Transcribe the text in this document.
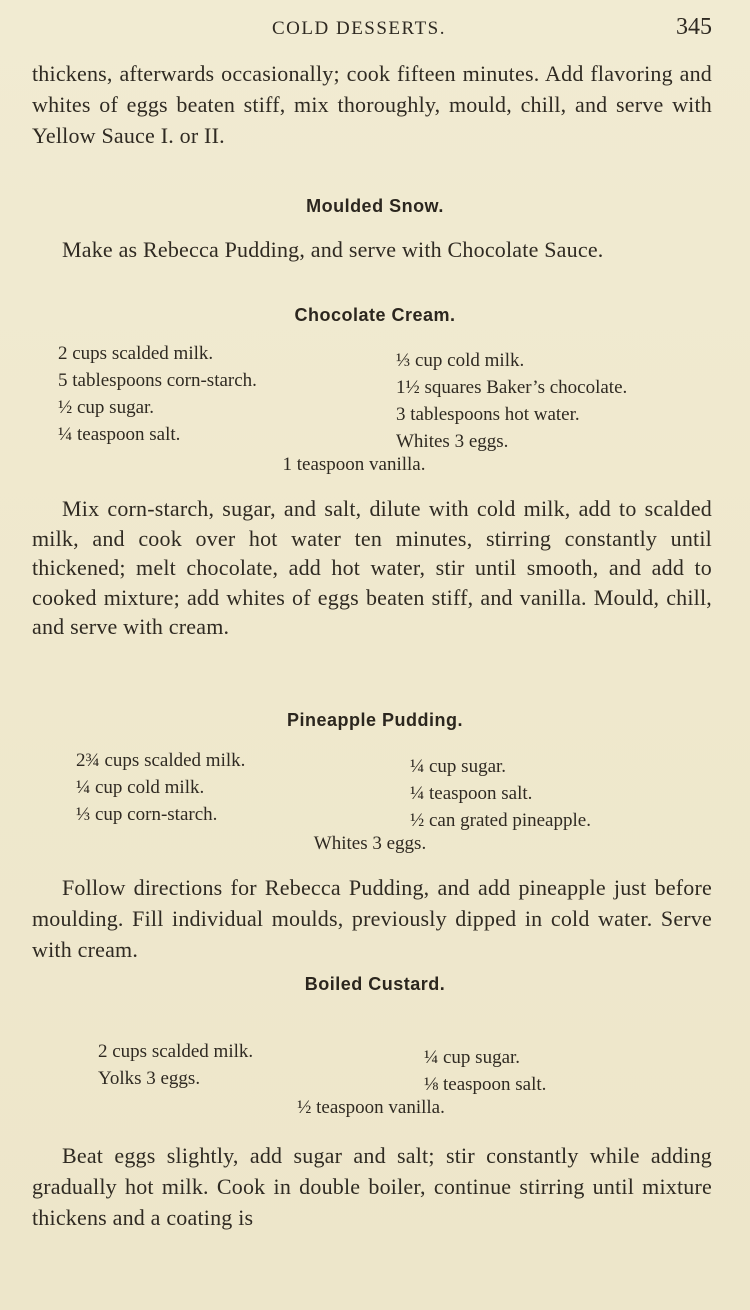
COLD DESSERTS.	345

thickens, afterwards occasionally; cook fifteen minutes. Add flavoring and whites of eggs beaten stiff, mix thoroughly, mould, chill, and serve with Yellow Sauce I. or II.

Moulded Snow.

Make as Rebecca Pudding, and serve with Chocolate Sauce.

Chocolate Cream.
2 cups scalded milk.
5 tablespoons corn-starch.
½ cup sugar.
¼ teaspoon salt.
⅓ cup cold milk.
1½ squares Baker’s chocolate.
3 tablespoons hot water.
Whites 3 eggs.
1 teaspoon vanilla.

Mix corn-starch, sugar, and salt, dilute with cold milk, add to scalded milk, and cook over hot water ten minutes, stirring constantly until thickened; melt chocolate, add hot water, stir until smooth, and add to cooked mixture; add whites of eggs beaten stiff, and vanilla. Mould, chill, and serve with cream.

Pineapple Pudding.
2¾ cups scalded milk.
¼ cup cold milk.
⅓ cup corn-starch.
¼ cup sugar.
¼ teaspoon salt.
½ can grated pineapple.
Whites 3 eggs.

Follow directions for Rebecca Pudding, and add pineapple just before moulding. Fill individual moulds, previously dipped in cold water. Serve with cream.

Boiled Custard.
2 cups scalded milk.
Yolks 3 eggs.
¼ cup sugar.
⅛ teaspoon salt.
½ teaspoon vanilla.

Beat eggs slightly, add sugar and salt; stir constantly while adding gradually hot milk. Cook in double boiler, continue stirring until mixture thickens and a coating is
